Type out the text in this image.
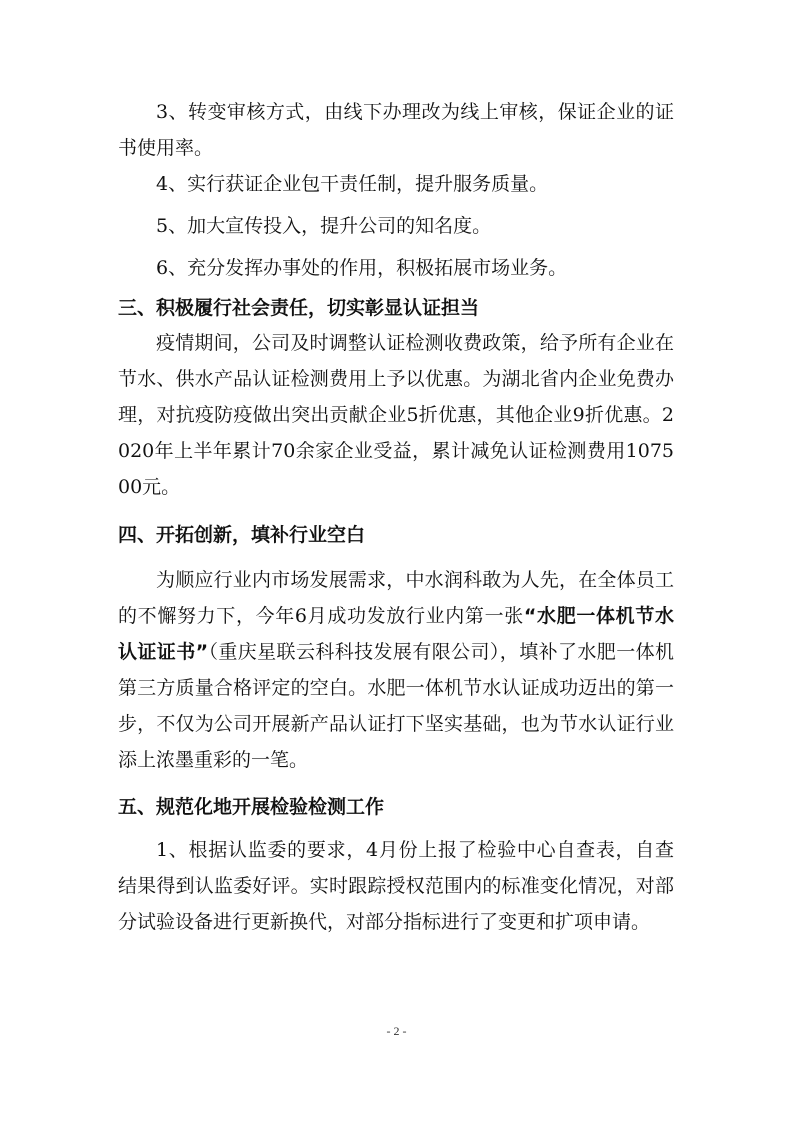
3、转变审核方式，由线下办理改为线上审核，保证企业的证书使用率。
4、实行获证企业包干责任制，提升服务质量。
5、加大宣传投入，提升公司的知名度。
6、充分发挥办事处的作用，积极拓展市场业务。
三、积极履行社会责任，切实彰显认证担当
疫情期间，公司及时调整认证检测收费政策，给予所有企业在节水、供水产品认证检测费用上予以优惠。为湖北省内企业免费办理，对抗疫防疫做出突出贡献企业5折优惠，其他企业9折优惠。2020年上半年累计70余家企业受益，累计减免认证检测费用107500元。
四、开拓创新，填补行业空白
为顺应行业内市场发展需求，中水润科敢为人先，在全体员工的不懈努力下，今年6月成功发放行业内第一张“水肥一体机节水认证证书”（重庆星联云科科技发展有限公司），填补了水肥一体机第三方质量合格评定的空白。水肥一体机节水认证成功迈出的第一步，不仅为公司开展新产品认证打下坚实基础，也为节水认证行业添上浓墨重彩的一笔。
五、规范化地开展检验检测工作
1、根据认监委的要求，4月份上报了检验中心自查表，自查结果得到认监委好评。实时跟踪授权范围内的标准变化情况，对部分试验设备进行更新换代，对部分指标进行了变更和扩项申请。
- 2 -
